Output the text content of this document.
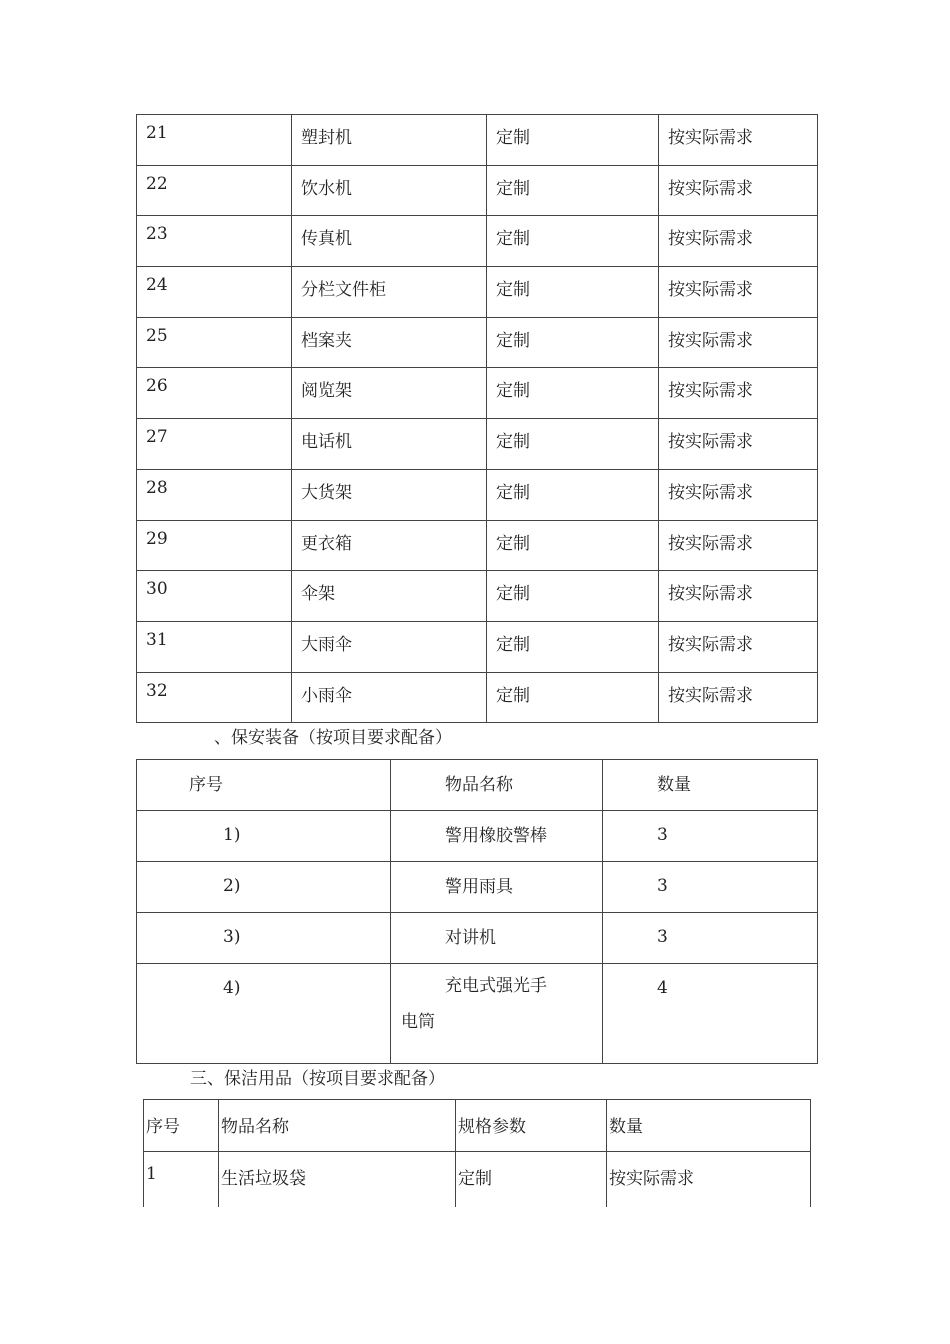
21	塑封机	定制	按实际需求

22	饮水机	定制	按实际需求

23	传真机	定制	按实际需求

24	分栏文件柜	定制	按实际需求

25	档案夹	定制	按实际需求

26	阅览架	定制	按实际需求

27	电话机	定制	按实际需求

28	大货架	定制	按实际需求

29	更衣箱	定制	按实际需求

30	伞架	定制	按实际需求

31	大雨伞	定制	按实际需求

32	小雨伞	定制	按实际需求
、保安装备（按项目要求配备）
序号	物品名称	数量

1)	警用橡胶警棒	3

2)	警用雨具	3

3)	对讲机	3

4)	充电式强光手
电筒	4
三、保洁用品（按项目要求配备）
序号	物品名称	规格参数	数量

1	生活垃圾袋	定制	按实际需求
